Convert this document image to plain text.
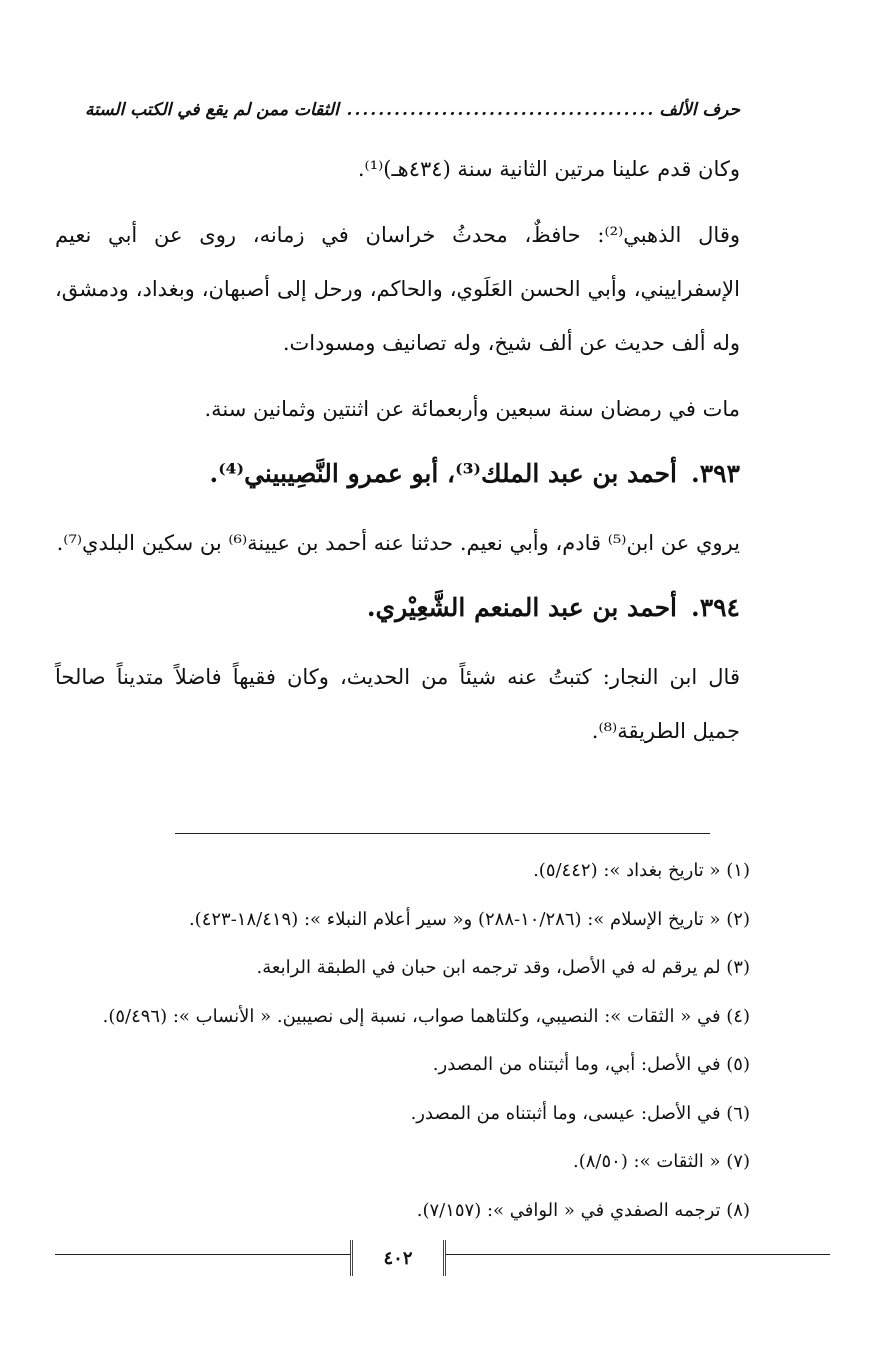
حرف الألف
.....
الثقات ممن لم يقع في الكتب الستة

وكان قدم علينا مرتين الثانية سنة (٤٣٤هـ)⁽¹⁾.

وقال الذهبي⁽²⁾: حافظٌ، محدثُ خراسان في زمانه، روى عن أبي نعيم الإسفراييني، وأبي الحسن العَلَوي، والحاكم، ورحل إلى أصبهان، وبغداد، ودمشق، وله ألف حديث عن ألف شيخ، وله تصانيف ومسودات.

مات في رمضان سنة سبعين وأربعمائة عن اثنتين وثمانين سنة.

٣٩٣.أحمد بن عبد الملك⁽³⁾، أبو عمرو النَّصِيبيني⁽⁴⁾.

يروي عن ابن⁽⁵⁾ قادم، وأبي نعيم. حدثنا عنه أحمد بن عيينة⁽⁶⁾ بن سكين البلدي⁽⁷⁾.

٣٩٤.أحمد بن عبد المنعم الشَّعِيْري.

قال ابن النجار: كتبتُ عنه شيئاً من الحديث، وكان فقيهاً فاضلاً متديناً صالحاً جميل الطريقة⁽⁸⁾.

(١) « تاريخ بغداد »: (٥/٤٤٢).

(٢) « تاريخ الإسلام »: (١٠/٢٨٦-٢٨٨) و« سير أعلام النبلاء »: (١٨/٤١٩-٤٢٣).

(٣) لم يرقم له في الأصل، وقد ترجمه ابن حبان في الطبقة الرابعة.

(٤) في « الثقات »: النصيبي، وكلتاهما صواب، نسبة إلى نصيبين. « الأنساب »: (٥/٤٩٦).

(٥) في الأصل: أبي، وما أثبتناه من المصدر.

(٦) في الأصل: عيسى، وما أثبتناه من المصدر.

(٧) « الثقات »: (٨/٥٠).

(٨) ترجمه الصفدي في « الوافي »: (٧/١٥٧).

٤٠٢
